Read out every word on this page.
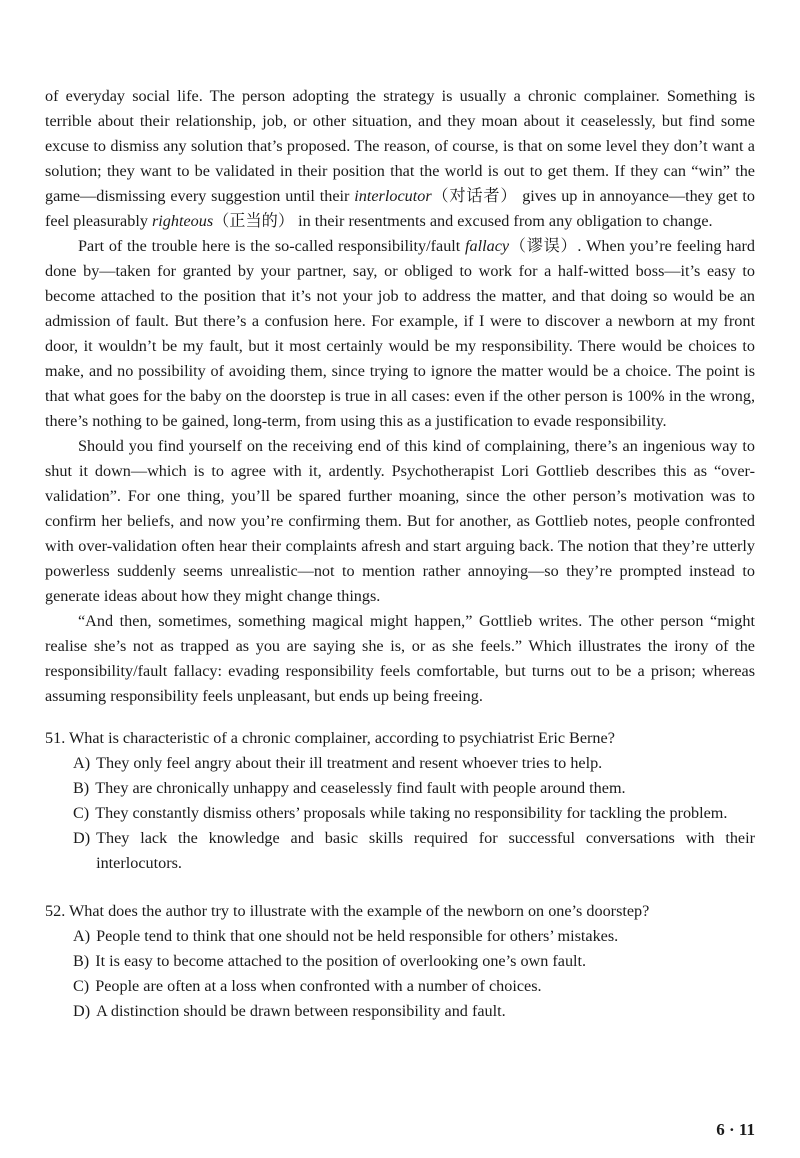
of everyday social life. The person adopting the strategy is usually a chronic complainer. Something is terrible about their relationship, job, or other situation, and they moan about it ceaselessly, but find some excuse to dismiss any solution that’s proposed. The reason, of course, is that on some level they don’t want a solution; they want to be validated in their position that the world is out to get them. If they can “win” the game—dismissing every suggestion until their interlocutor（对话者） gives up in annoyance—they get to feel pleasurably righteous（正当的） in their resentments and excused from any obligation to change.

Part of the trouble here is the so-called responsibility/fault fallacy（谬误）. When you’re feeling hard done by—taken for granted by your partner, say, or obliged to work for a half-witted boss—it’s easy to become attached to the position that it’s not your job to address the matter, and that doing so would be an admission of fault. But there’s a confusion here. For example, if I were to discover a newborn at my front door, it wouldn’t be my fault, but it most certainly would be my responsibility. There would be choices to make, and no possibility of avoiding them, since trying to ignore the matter would be a choice. The point is that what goes for the baby on the doorstep is true in all cases: even if the other person is 100% in the wrong, there’s nothing to be gained, long-term, from using this as a justification to evade responsibility.

Should you find yourself on the receiving end of this kind of complaining, there’s an ingenious way to shut it down—which is to agree with it, ardently. Psychotherapist Lori Gottlieb describes this as “over-validation”. For one thing, you’ll be spared further moaning, since the other person’s motivation was to confirm her beliefs, and now you’re confirming them. But for another, as Gottlieb notes, people confronted with over-validation often hear their complaints afresh and start arguing back. The notion that they’re utterly powerless suddenly seems unrealistic—not to mention rather annoying—so they’re prompted instead to generate ideas about how they might change things.

“And then, sometimes, something magical might happen,” Gottlieb writes. The other person “might realise she’s not as trapped as you are saying she is, or as she feels.” Which illustrates the irony of the responsibility/fault fallacy: evading responsibility feels comfortable, but turns out to be a prison; whereas assuming responsibility feels unpleasant, but ends up being freeing.

51. What is characteristic of a chronic complainer, according to psychiatrist Eric Berne?
A) They only feel angry about their ill treatment and resent whoever tries to help.
B) They are chronically unhappy and ceaselessly find fault with people around them.
C) They constantly dismiss others’ proposals while taking no responsibility for tackling the problem.
D) They lack the knowledge and basic skills required for successful conversations with their interlocutors.
52. What does the author try to illustrate with the example of the newborn on one’s doorstep?
A) People tend to think that one should not be held responsible for others’ mistakes.
B) It is easy to become attached to the position of overlooking one’s own fault.
C) People are often at a loss when confronted with a number of choices.
D) A distinction should be drawn between responsibility and fault.
6 · 11
